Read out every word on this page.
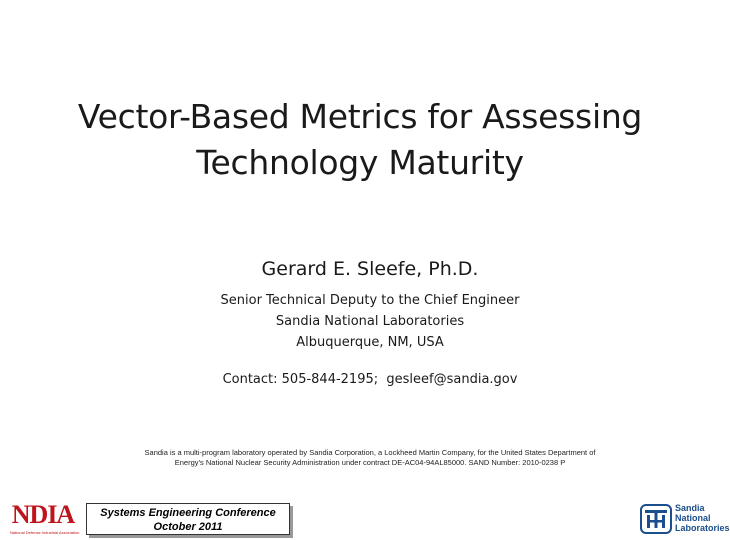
Vector-Based Metrics for Assessing
Technology Maturity
Gerard E. Sleefe, Ph.D.
Senior Technical Deputy to the Chief Engineer
Sandia National Laboratories
Albuquerque, NM, USA
Contact: 505-844-2195;  gesleef@sandia.gov
Sandia is a multi-program laboratory operated by Sandia Corporation, a Lockheed Martin Company, for the United States Department of
Energy’s National Nuclear Security Administration under contract DE-AC04-94AL85000. SAND Number: 2010-0238 P
NDIA
National Defense Industrial Association
Systems Engineering Conference
October 2011
Sandia
National
Laboratories
